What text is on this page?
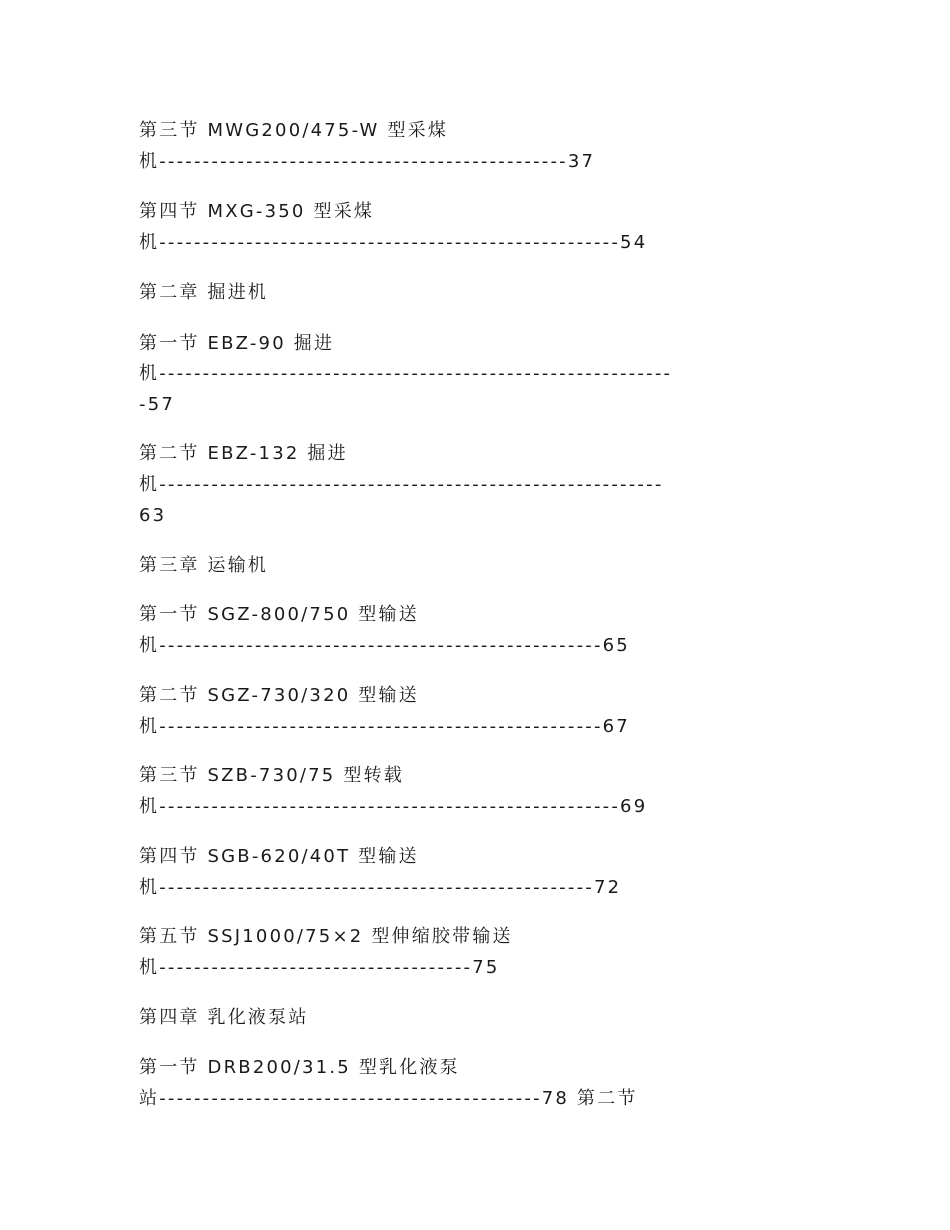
第三节 MWG200/475-W 型采煤

机-----------------------------------------------37

第四节 MXG-350 型采煤

机-----------------------------------------------------54

第二章 掘进机

第一节 EBZ-90 掘进

机-----------------------------------------------------------

-57

第二节 EBZ-132 掘进

机----------------------------------------------------------

63

第三章 运输机

第一节 SGZ-800/750 型输送

机---------------------------------------------------65

第二节 SGZ-730/320 型输送

机---------------------------------------------------67

第三节 SZB-730/75 型转载

机-----------------------------------------------------69

第四节 SGB-620/40T 型输送

机--------------------------------------------------72

第五节 SSJ1000/75×2 型伸缩胶带输送

机------------------------------------75

第四章 乳化液泵站

第一节 DRB200/31.5 型乳化液泵

站--------------------------------------------78 第二节
